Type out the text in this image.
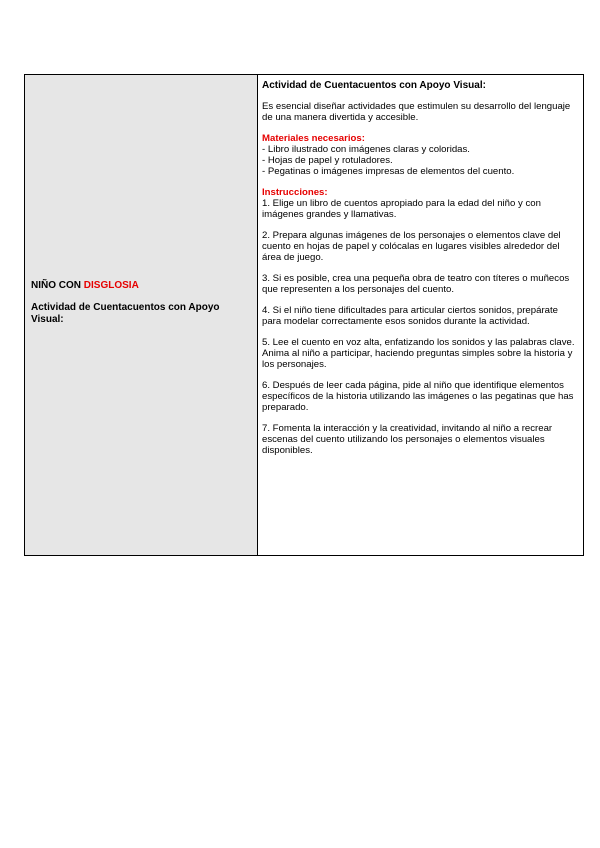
NIÑO CON DISGLOSIA
Actividad de Cuentacuentos con Apoyo Visual:

Actividad de Cuentacuentos con Apoyo Visual:

Es esencial diseñar actividades que estimulen su desarrollo del lenguaje de una manera divertida y accesible.

Materiales necesarios:
- Libro ilustrado con imágenes claras y coloridas.
- Hojas de papel y rotuladores.
- Pegatinas o imágenes impresas de elementos del cuento.

Instrucciones:
1. Elige un libro de cuentos apropiado para la edad del niño y con imágenes grandes y llamativas.

2. Prepara algunas imágenes de los personajes o elementos clave del cuento en hojas de papel y colócalas en lugares visibles alrededor del área de juego.

3. Si es posible, crea una pequeña obra de teatro con títeres o muñecos que representen a los personajes del cuento.

4. Si el niño tiene dificultades para articular ciertos sonidos, prepárate para modelar correctamente esos sonidos durante la actividad.

5. Lee el cuento en voz alta, enfatizando los sonidos y las palabras clave. Anima al niño a participar, haciendo preguntas simples sobre la historia y los personajes.

6. Después de leer cada página, pide al niño que identifique elementos específicos de la historia utilizando las imágenes o las pegatinas que has preparado.

7. Fomenta la interacción y la creatividad, invitando al niño a recrear escenas del cuento utilizando los personajes o elementos visuales disponibles.
